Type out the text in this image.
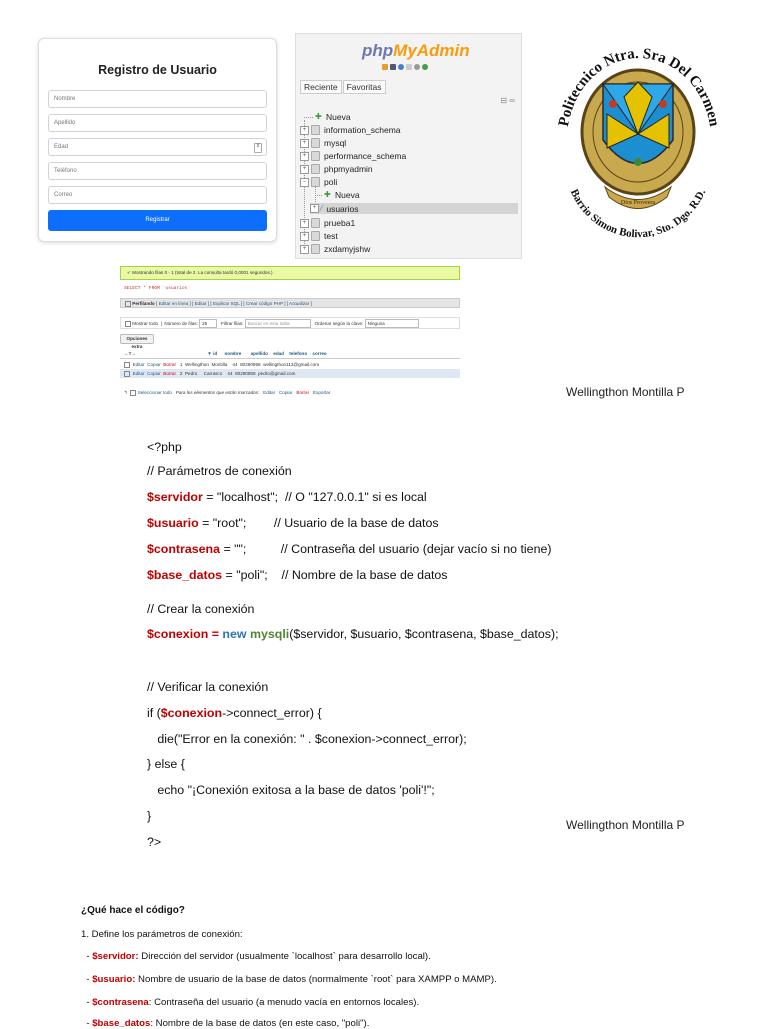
Registro de Usuario
Nombre
Apellido
Edad	⇕
Teléfono
Correo
Registrar
phpMyAdmin
Reciente	Favoritas
⊟ ∞
✚ Nueva
+	information_schema
+	mysql
+	performance_schema
+	phpmyadmin
−	poli
✚ Nueva
+ ⁄ usuarios
+	prueba1
+	test
+	zxdamyjshw
Politecnico Ntra. Sra Del Carmen
Barrio Simon Bolivar, Sto. Dgo. R.D.
Dios Proveera
✔ Mostrando filas 0 - 1 (total de 2. La consulta tardó 0,0001 segundos.)
SELECT * FROM `usuarios`
Perfilando [ Editar en línea ] [ Editar ] [ Explicar SQL ] [ Crear código PHP ] [ Actualizar ]
Mostrar todo  |  Número de filas: 25	Filtrar filas: Buscar en esta tabla	Ordenar según la clave: Ninguna
Opciones extra
←T→	▼ id nombre apellido edad telefono correo
Editar Copiar Borrar 1 Wellingthon Montilla 44 80290958 wellingthon112@gmail.com
Editar Copiar Borrar 2 Pedro Carrasco 44 80290958 pedro@gmail.com
↰ Seleccionar todo Para los elementos que están marcados: Editar Copiar Borrar Exportar	Wellingthon Montilla P
<?php
// Parámetros de conexión
$servidor = "localhost";  // O "127.0.0.1" si es local
$usuario = "root";        // Usuario de la base de datos
$contrasena = "";          // Contraseña del usuario (dejar vacío si no tiene)
$base_datos = "poli";    // Nombre de la base de datos
// Crear la conexión
$conexion = new mysqli($servidor, $usuario, $contrasena, $base_datos);
// Verificar la conexión
if ($conexion->connect_error) {
die("Error en la conexión: " . $conexion->connect_error);
} else {
echo "¡Conexión exitosa a la base de datos 'poli'!";
}
?>
Wellingthon Montilla P
¿Qué hace el código?
1. Define los parámetros de conexión:
- $servidor: Dirección del servidor (usualmente `localhost` para desarrollo local).
- $usuario: Nombre de usuario de la base de datos (normalmente `root` para XAMPP o MAMP).
- $contrasena: Contraseña del usuario (a menudo vacía en entornos locales).
- $base_datos: Nombre de la base de datos (en este caso, "poli").
